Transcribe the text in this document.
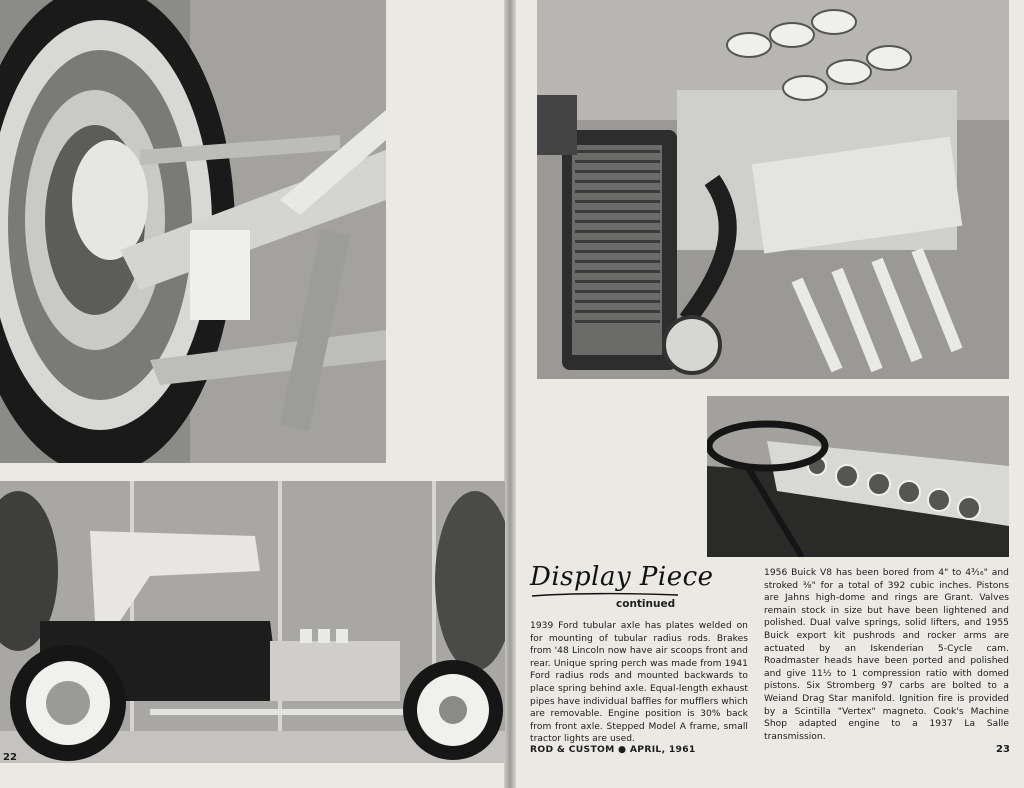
Display Piece
continued
1939 Ford tubular axle has plates welded on for mounting of tubular radius rods. Brakes from '48 Lincoln now have air scoops front and rear. Unique spring perch was made from 1941 Ford radius rods and mounted backwards to place spring behind axle. Equal-length exhaust pipes have individual baffles for mufflers which are removable. Engine position is 30% back from front axle. Stepped Model A frame, small tractor lights are used.
1956 Buick V8 has been bored from 4" to 4³⁄₁₆" and stroked ⅜" for a total of 392 cubic inches. Pistons are Jahns high-dome and rings are Grant. Valves remain stock in size but have been lightened and polished. Dual valve springs, solid lifters, and 1955 Buick export kit pushrods and rocker arms are actuated by an Iskenderian 5-Cycle cam. Roadmaster heads have been ported and polished and give 11½ to 1 compression ratio with domed pistons. Six Stromberg 97 carbs are bolted to a Weiand Drag Star manifold. Ignition fire is provided by a Scintilla "Vertex" magneto. Cook's Machine Shop adapted engine to a 1937 La Salle transmission.
ROD & CUSTOM ● APRIL, 1961
22
23
